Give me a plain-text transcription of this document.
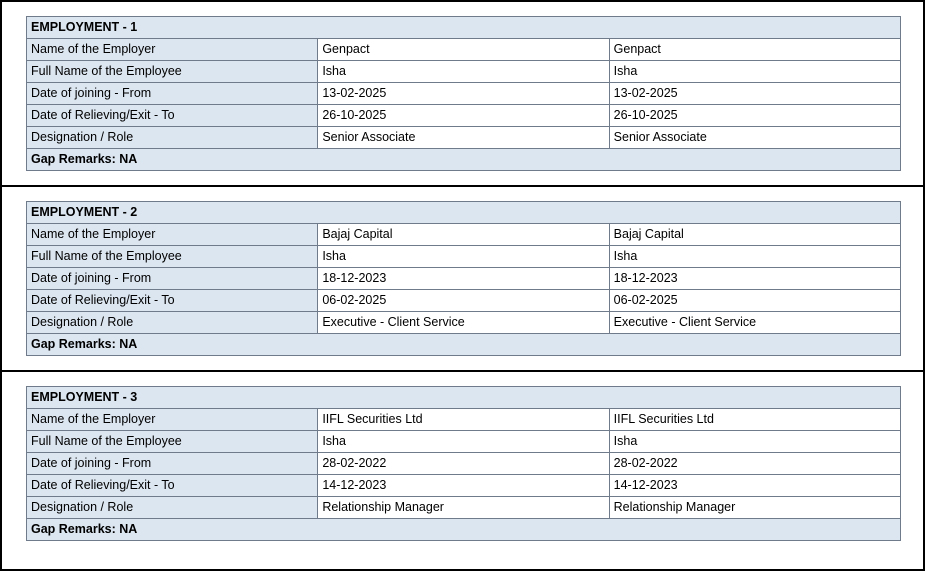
EMPLOYMENT - 1		
Name of the Employer	Genpact	Genpact
Full Name of the Employee	Isha	Isha
Date of joining - From	13-02-2025	13-02-2025
Date of Relieving/Exit - To	26-10-2025	26-10-2025
Designation / Role	Senior Associate	Senior Associate
Gap Remarks: NA		
EMPLOYMENT - 2		
Name of the Employer	Bajaj Capital	Bajaj Capital
Full Name of the Employee	Isha	Isha
Date of joining - From	18-12-2023	18-12-2023
Date of Relieving/Exit - To	06-02-2025	06-02-2025
Designation / Role	Executive - Client Service	Executive - Client Service
Gap Remarks: NA		
EMPLOYMENT - 3		
Name of the Employer	IIFL Securities Ltd	IIFL Securities Ltd
Full Name of the Employee	Isha	Isha
Date of joining - From	28-02-2022	28-02-2022
Date of Relieving/Exit - To	14-12-2023	14-12-2023
Designation / Role	Relationship Manager	Relationship Manager
Gap Remarks: NA		
